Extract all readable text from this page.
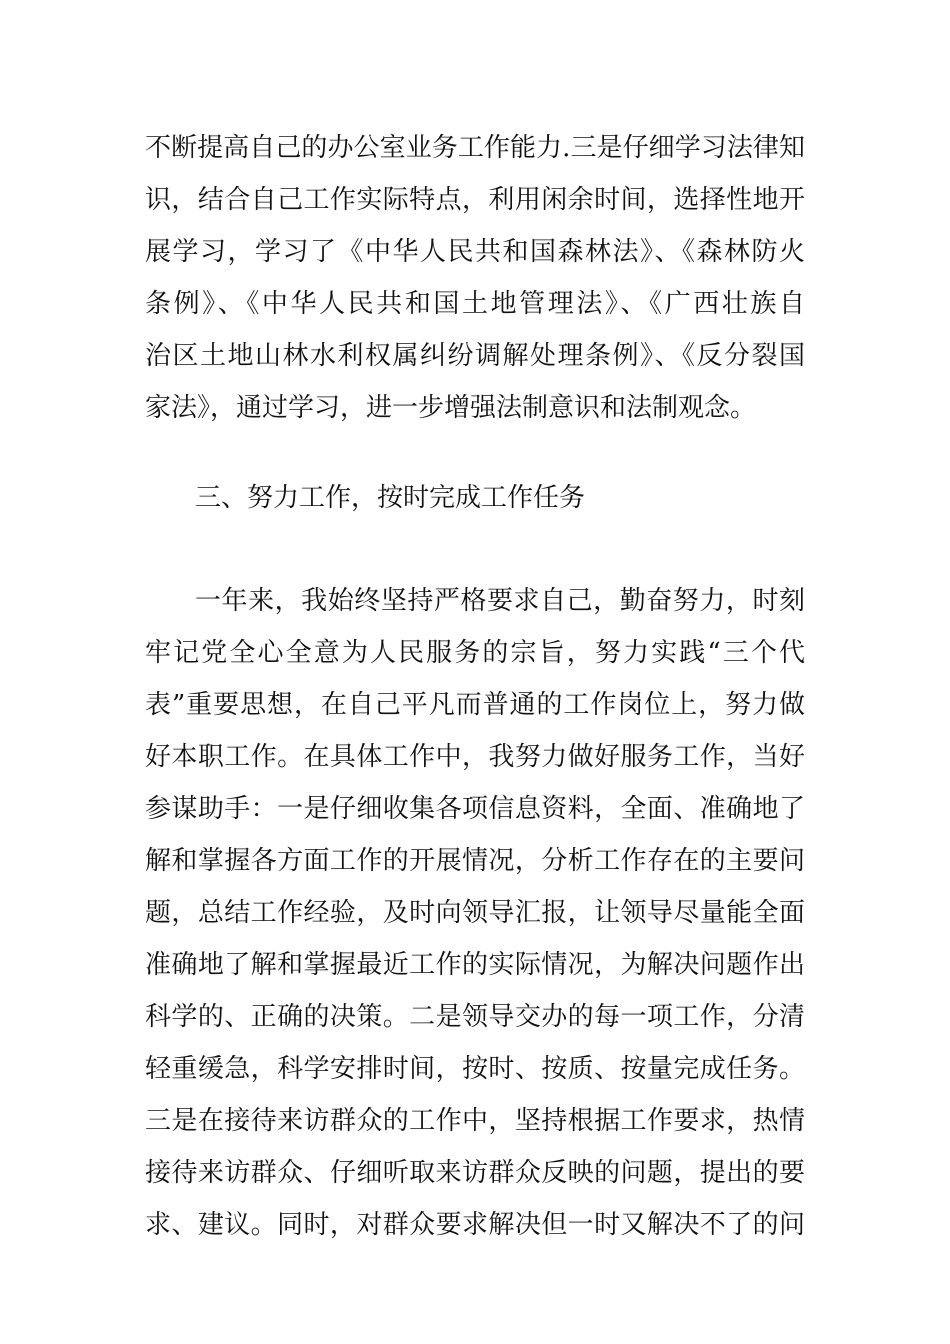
不断提高自己的办公室业务工作能力.三是仔细学习法律知
识，结合自己工作实际特点，利用闲余时间，选择性地开
展学习，学习了《中华人民共和国森林法》、《森林防火
条例》、《中华人民共和国土地管理法》、《广西壮族自
治区土地山林水利权属纠纷调解处理条例》、《反分裂国
家法》，通过学习，进一步增强法制意识和法制观念。
三、努力工作，按时完成工作任务
一年来，我始终坚持严格要求自己，勤奋努力，时刻
牢记党全心全意为人民服务的宗旨，努力实践“三个代
表”重要思想，在自己平凡而普通的工作岗位上，努力做
好本职工作。在具体工作中，我努力做好服务工作，当好
参谋助手：一是仔细收集各项信息资料，全面、准确地了
解和掌握各方面工作的开展情况，分析工作存在的主要问
题，总结工作经验，及时向领导汇报，让领导尽量能全面
准确地了解和掌握最近工作的实际情况，为解决问题作出
科学的、正确的决策。二是领导交办的每一项工作，分清
轻重缓急，科学安排时间，按时、按质、按量完成任务。
三是在接待来访群众的工作中，坚持根据工作要求，热情
接待来访群众、仔细听取来访群众反映的问题，提出的要
求、建议。同时，对群众要求解决但一时又解决不了的问
